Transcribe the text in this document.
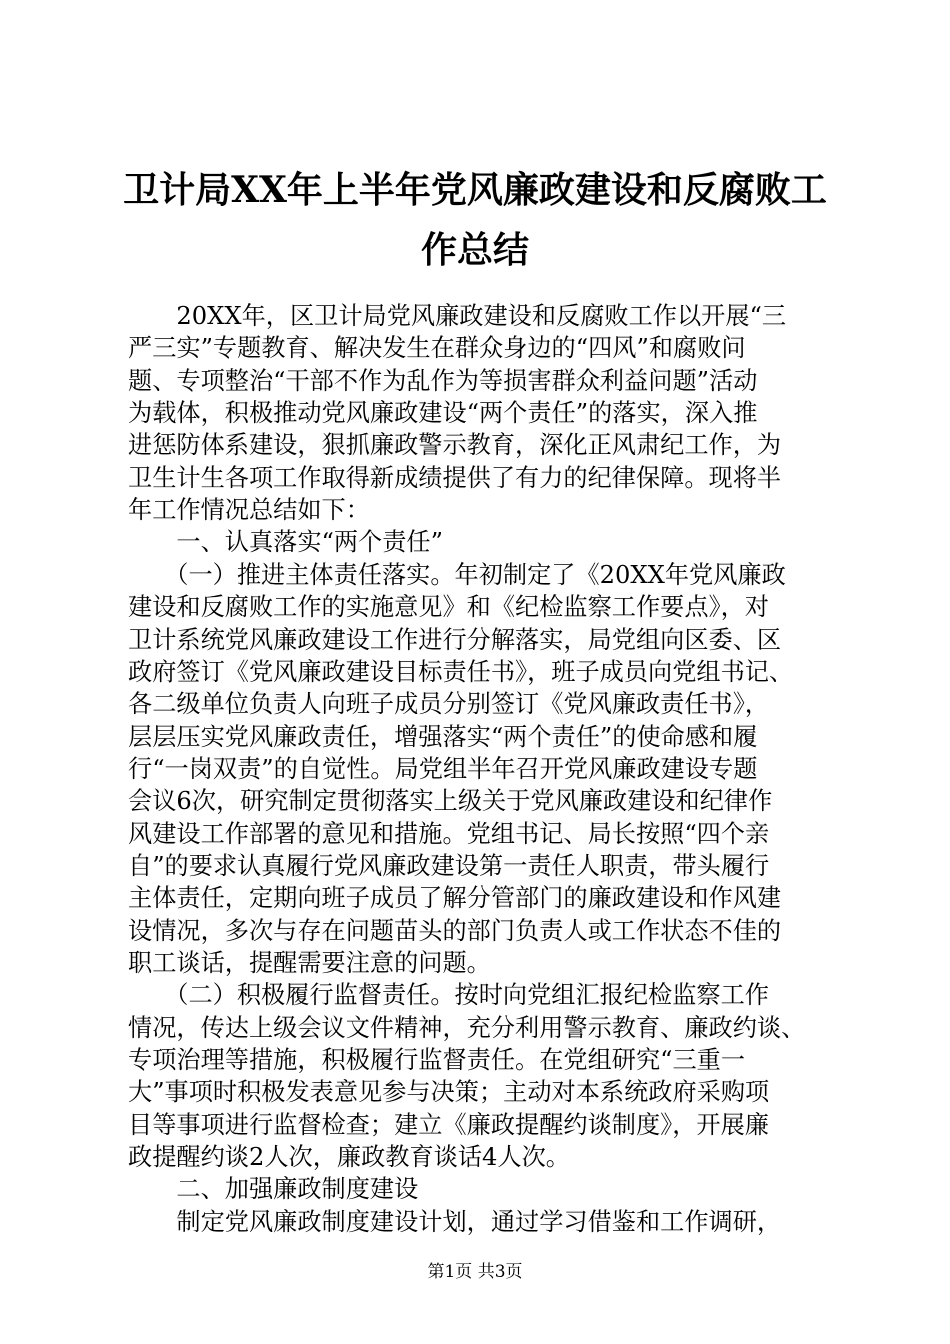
卫计局XX年上半年党风廉政建设和反腐败工
作总结
　　20XX年，区卫计局党风廉政建设和反腐败工作以开展“三
严三实”专题教育、解决发生在群众身边的“四风”和腐败问
题、专项整治“干部不作为乱作为等损害群众利益问题”活动
为载体，积极推动党风廉政建设“两个责任”的落实，深入推
进惩防体系建设，狠抓廉政警示教育，深化正风肃纪工作，为
卫生计生各项工作取得新成绩提供了有力的纪律保障。现将半
年工作情况总结如下：
　　一、认真落实“两个责任”
　　（一）推进主体责任落实。年初制定了《20XX年党风廉政
建设和反腐败工作的实施意见》和《纪检监察工作要点》，对
卫计系统党风廉政建设工作进行分解落实，局党组向区委、区
政府签订《党风廉政建设目标责任书》，班子成员向党组书记、
各二级单位负责人向班子成员分别签订《党风廉政责任书》，
层层压实党风廉政责任，增强落实“两个责任”的使命感和履
行“一岗双责”的自觉性。局党组半年召开党风廉政建设专题
会议6次，研究制定贯彻落实上级关于党风廉政建设和纪律作
风建设工作部署的意见和措施。党组书记、局长按照“四个亲
自”的要求认真履行党风廉政建设第一责任人职责，带头履行
主体责任，定期向班子成员了解分管部门的廉政建设和作风建
设情况，多次与存在问题苗头的部门负责人或工作状态不佳的
职工谈话，提醒需要注意的问题。
　　（二）积极履行监督责任。按时向党组汇报纪检监察工作
情况，传达上级会议文件精神，充分利用警示教育、廉政约谈、
专项治理等措施，积极履行监督责任。在党组研究“三重一
大”事项时积极发表意见参与决策；主动对本系统政府采购项
目等事项进行监督检查；建立《廉政提醒约谈制度》，开展廉
政提醒约谈2人次，廉政教育谈话4人次。
　　二、加强廉政制度建设
　　制定党风廉政制度建设计划，通过学习借鉴和工作调研，
第1页 共3页
